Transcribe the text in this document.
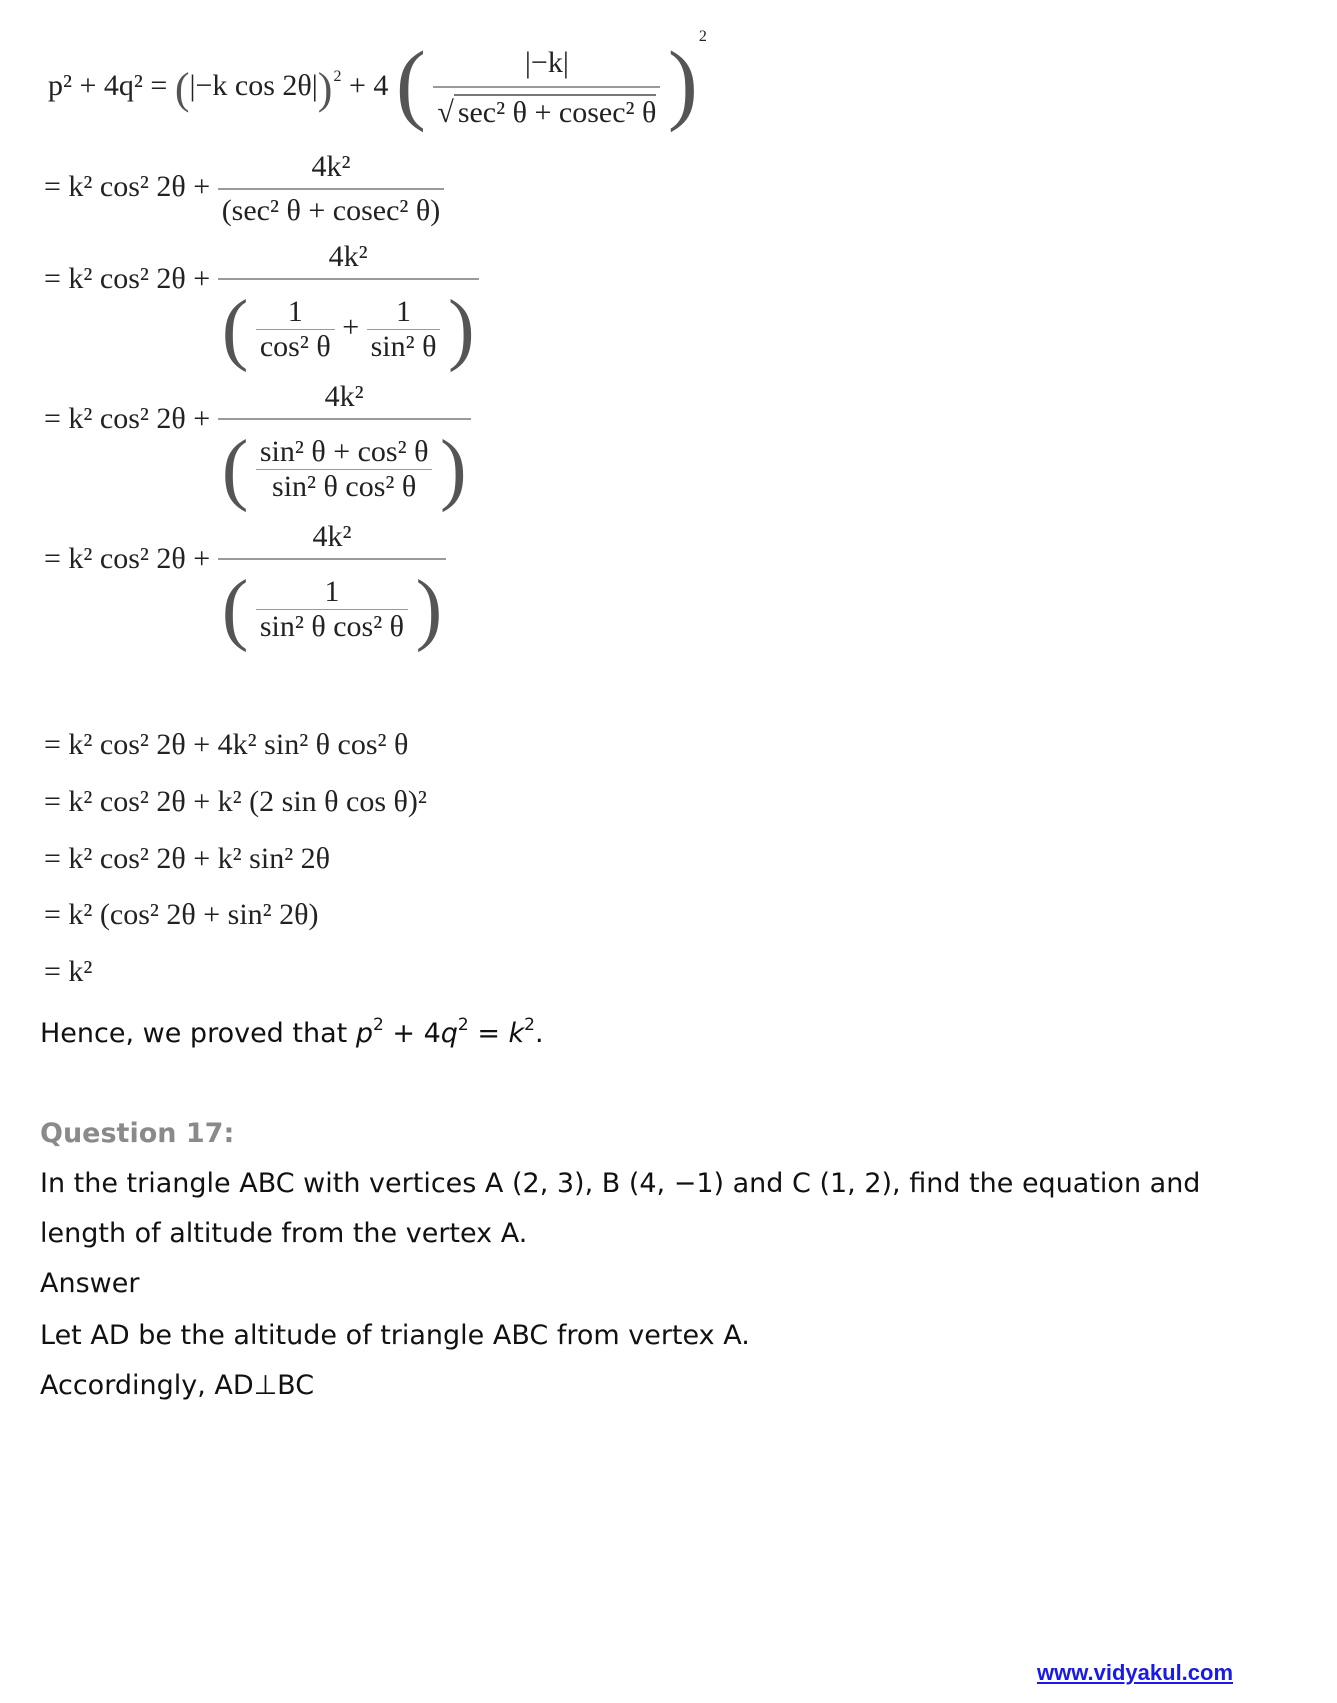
p² + 4q² = (|−k cos 2θ|)$^2$ + 4 ( $\frac{|-k|}{\text{√ sec² θ + cosec² θ}} )^2$
= k² cos² $2\theta + \frac{\text{4k²}}{\text{(sec² θ + cosec² θ)}}$
= k² cos² 2θ +
4k²
( $\frac{1}{\text{cos² θ}} + \frac{1}{\text{sin² θ}}$ )
= k² cos² 2θ +
4k²
( $\frac{\text{sin² θ + cos² θ}}{\text{sin² θ cos² θ}}$ )
= k² cos² 2θ +
4k²
( $\frac{1}{\text{sin² θ cos² θ}}$ )
= k² cos² 2θ + 4k² sin² θ cos² θ
= k² cos² 2θ + k² (2 sin θ cos θ)²
= k² cos² 2θ + k² sin² 2θ
= k² (cos² 2θ + sin² 2θ)
= k²
Hence, we proved that $p^2 + 4q^2 = k^2$.
Question 17:
In the triangle ABC with vertices A (2, 3), B (4, −1) and C (1, 2), find the equation and
length of altitude from the vertex A.
Answer
Let AD be the altitude of triangle ABC from vertex A.
Accordingly, AD⊥BC
www.vidyakul.com
